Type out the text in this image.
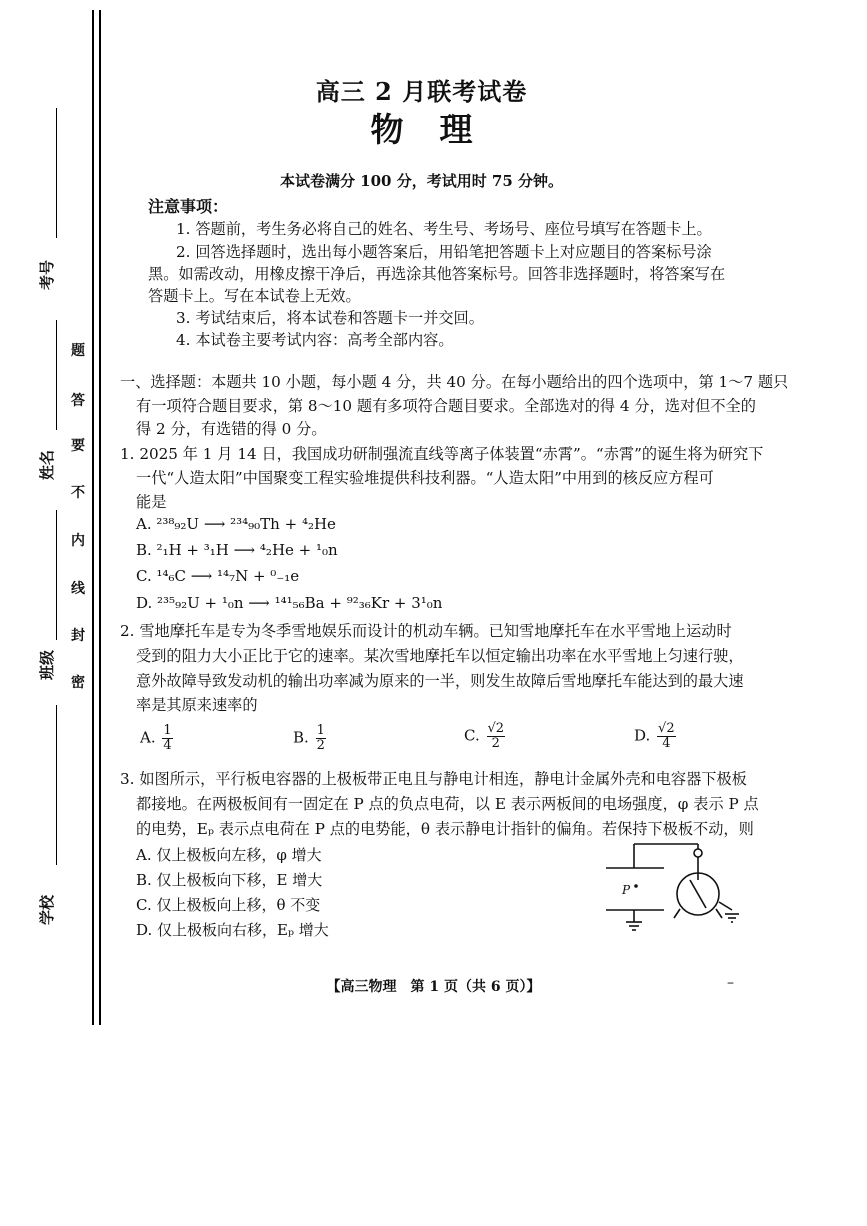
考号
姓名
班级
学校
题
答
要
不
内
线
封
密
高三 2 月联考试卷
物理
本试卷满分 100 分，考试用时 75 分钟。
注意事项：
1. 答题前，考生务必将自己的姓名、考生号、考场号、座位号填写在答题卡上。
2. 回答选择题时，选出每小题答案后，用铅笔把答题卡上对应题目的答案标号涂
黑。如需改动，用橡皮擦干净后，再选涂其他答案标号。回答非选择题时，将答案写在
答题卡上。写在本试卷上无效。
3. 考试结束后，将本试卷和答题卡一并交回。
4. 本试卷主要考试内容：高考全部内容。
一、选择题：本题共 10 小题，每小题 4 分，共 40 分。在每小题给出的四个选项中，第 1～7 题只
有一项符合题目要求，第 8～10 题有多项符合题目要求。全部选对的得 4 分，选对但不全的
得 2 分，有选错的得 0 分。
1. 2025 年 1 月 14 日，我国成功研制强流直线等离子体装置“赤霄”。“赤霄”的诞生将为研究下
一代“人造太阳”中国聚变工程实验堆提供科技利器。“人造太阳”中用到的核反应方程可
能是
A. ²³⁸₉₂U ⟶ ²³⁴₉₀Th + ⁴₂He
B. ²₁H + ³₁H ⟶ ⁴₂He + ¹₀n
C. ¹⁴₆C ⟶ ¹⁴₇N + ⁰₋₁e
D. ²³⁵₉₂U + ¹₀n ⟶ ¹⁴¹₅₆Ba + ⁹²₃₆Kr + 3¹₀n
2. 雪地摩托车是专为冬季雪地娱乐而设计的机动车辆。已知雪地摩托车在水平雪地上运动时
受到的阻力大小正比于它的速率。某次雪地摩托车以恒定输出功率在水平雪地上匀速行驶，
意外故障导致发动机的输出功率减为原来的一半，则发生故障后雪地摩托车能达到的最大速
率是其原来速率的
A. $\frac{1}{4}$	B. $\frac{1}{2}$	C. $\frac{√2}{2}$	D. $\frac{√2}{4}$
3. 如图所示，平行板电容器的上极板带正电且与静电计相连，静电计金属外壳和电容器下极板
都接地。在两极板间有一固定在 P 点的负点电荷，以 E 表示两板间的电场强度，φ 表示 P 点
的电势，Eₚ 表示点电荷在 P 点的电势能，θ 表示静电计指针的偏角。若保持下极板不动，则
A. 仅上极板向左移，φ 增大
B. 仅上极板向下移，E 增大
C. 仅上极板向上移，θ 不变
D. 仅上极板向右移，Eₚ 增大
P
【高三物理　第 1 页（共 6 页）】	–
